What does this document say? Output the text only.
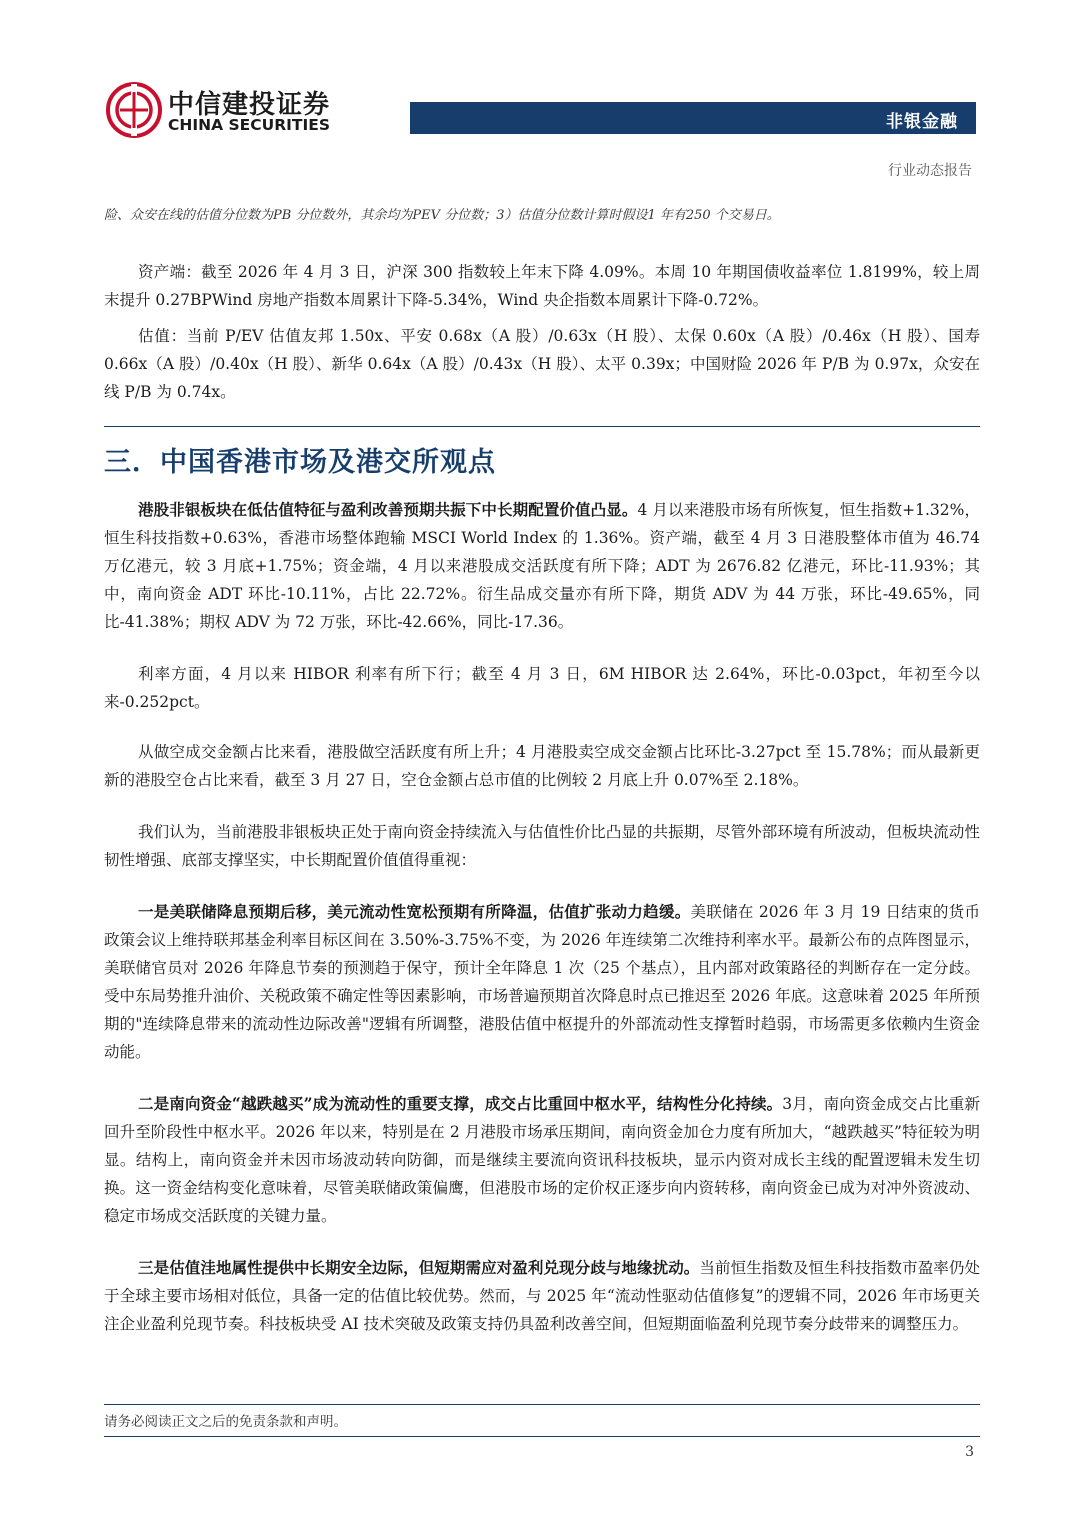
中信建投证券
CHINA SECURITIES	非银金融
行业动态报告
险、众安在线的估值分位数为PB 分位数外，其余均为PEV 分位数；3）估值分位数计算时假设1 年有250 个交易日。

资产端：截至 2026 年 4 月 3 日，沪深 300 指数较上年末下降 4.09%。本周 10 年期国债收益率位 1.8199%，较上周末提升 0.27BPWind 房地产指数本周累计下降-5.34%，Wind 央企指数本周累计下降-0.72%。

估值：当前 P/EV 估值友邦 1.50x、平安 0.68x（A 股）/0.63x（H 股）、太保 0.60x（A 股）/0.46x（H 股）、国寿 0.66x（A 股）/0.40x（H 股）、新华 0.64x（A 股）/0.43x（H 股）、太平 0.39x；中国财险 2026 年 P/B 为 0.97x，众安在线 P/B 为 0.74x。

三．中国香港市场及港交所观点

港股非银板块在低估值特征与盈利改善预期共振下中长期配置价值凸显。4 月以来港股市场有所恢复，恒生指数+1.32%，恒生科技指数+0.63%，香港市场整体跑输 MSCI World Index 的 1.36%。资产端，截至 4 月 3 日港股整体市值为 46.74 万亿港元，较 3 月底+1.75%；资金端，4 月以来港股成交活跃度有所下降；ADT 为 2676.82 亿港元，环比-11.93%；其中，南向资金 ADT 环比-10.11%，占比 22.72%。衍生品成交量亦有所下降，期货 ADV 为 44 万张，环比-49.65%，同比-41.38%；期权 ADV 为 72 万张，环比-42.66%，同比-17.36。

利率方面，4 月以来 HIBOR 利率有所下行；截至 4 月 3 日，6M HIBOR 达 2.64%，环比-0.03pct，年初至今以来-0.252pct。

从做空成交金额占比来看，港股做空活跃度有所上升；4 月港股卖空成交金额占比环比-3.27pct 至 15.78%；而从最新更新的港股空仓占比来看，截至 3 月 27 日，空仓金额占总市值的比例较 2 月底上升 0.07%至 2.18%。

我们认为，当前港股非银板块正处于南向资金持续流入与估值性价比凸显的共振期，尽管外部环境有所波动，但板块流动性韧性增强、底部支撑坚实，中长期配置价值值得重视：

一是美联储降息预期后移，美元流动性宽松预期有所降温，估值扩张动力趋缓。美联储在 2026 年 3 月 19 日结束的货币政策会议上维持联邦基金利率目标区间在 3.50%-3.75%不变，为 2026 年连续第二次维持利率水平。最新公布的点阵图显示，美联储官员对 2026 年降息节奏的预测趋于保守，预计全年降息 1 次（25 个基点），且内部对政策路径的判断存在一定分歧。受中东局势推升油价、关税政策不确定性等因素影响，市场普遍预期首次降息时点已推迟至 2026 年底。这意味着 2025 年所预期的"连续降息带来的流动性边际改善"逻辑有所调整，港股估值中枢提升的外部流动性支撑暂时趋弱，市场需更多依赖内生资金动能。

二是南向资金“越跌越买”成为流动性的重要支撑，成交占比重回中枢水平，结构性分化持续。3月，南向资金成交占比重新回升至阶段性中枢水平。2026 年以来，特别是在 2 月港股市场承压期间，南向资金加仓力度有所加大，“越跌越买”特征较为明显。结构上，南向资金并未因市场波动转向防御，而是继续主要流向资讯科技板块，显示内资对成长主线的配置逻辑未发生切换。这一资金结构变化意味着，尽管美联储政策偏鹰，但港股市场的定价权正逐步向内资转移，南向资金已成为对冲外资波动、稳定市场成交活跃度的关键力量。

三是估值洼地属性提供中长期安全边际，但短期需应对盈利兑现分歧与地缘扰动。当前恒生指数及恒生科技指数市盈率仍处于全球主要市场相对低位，具备一定的估值比较优势。然而，与 2025 年“流动性驱动估值修复”的逻辑不同，2026 年市场更关注企业盈利兑现节奏。科技板块受 AI 技术突破及政策支持仍具盈利改善空间，但短期面临盈利兑现节奏分歧带来的调整压力。

请务必阅读正文之后的免责条款和声明。
3
